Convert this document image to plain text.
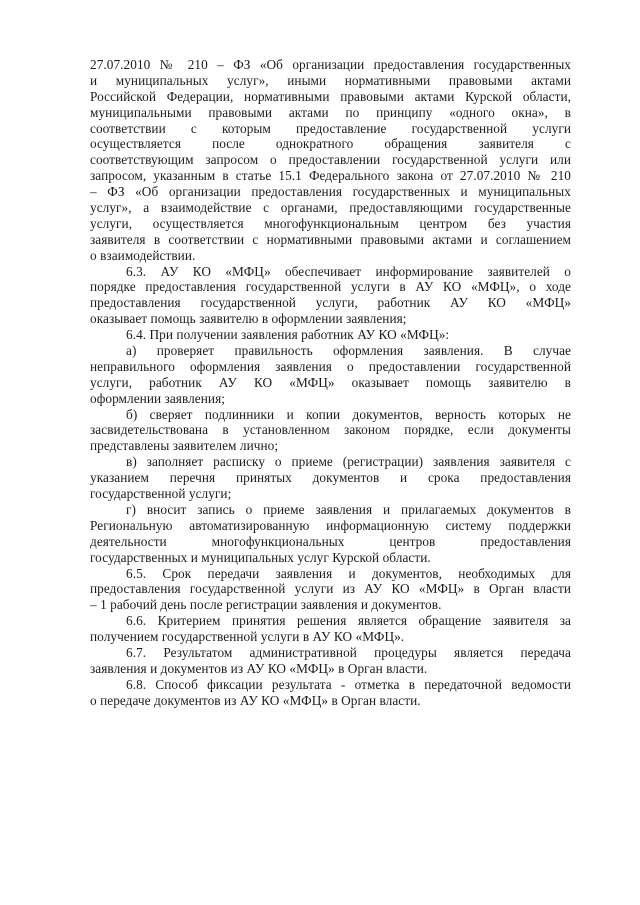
27.07.2010 № 210 – ФЗ «Об организации предоставления государственных
и муниципальных услуг», иными нормативными правовыми актами
Российской Федерации, нормативными правовыми актами Курской области,
муниципальными правовыми актами по принципу «одного окна», в
соответствии с которым предоставление государственной услуги
осуществляется после однократного обращения заявителя с
соответствующим запросом о предоставлении государственной услуги или
запросом, указанным в статье 15.1 Федерального закона от 27.07.2010 № 210
– ФЗ «Об организации предоставления государственных и муниципальных
услуг», а взаимодействие с органами, предоставляющими государственные
услуги, осуществляется многофункциональным центром без участия
заявителя в соответствии с нормативными правовыми актами и соглашением
о взаимодействии.
6.3. АУ КО «МФЦ» обеспечивает информирование заявителей о
порядке предоставления государственной услуги в АУ КО «МФЦ», о ходе
предоставления государственной услуги, работник АУ КО «МФЦ»
оказывает помощь заявителю в оформлении заявления;
6.4. При получении заявления работник АУ КО «МФЦ»:
а) проверяет правильность оформления заявления. В случае
неправильного оформления заявления о предоставлении государственной
услуги, работник АУ КО «МФЦ» оказывает помощь заявителю в
оформлении заявления;
б) сверяет подлинники и копии документов, верность которых не
засвидетельствована в установленном законом порядке, если документы
представлены заявителем лично;
в) заполняет расписку о приеме (регистрации) заявления заявителя с
указанием перечня принятых документов и срока предоставления
государственной услуги;
г) вносит запись о приеме заявления и прилагаемых документов в
Региональную автоматизированную информационную систему поддержки
деятельности многофункциональных центров предоставления
государственных и муниципальных услуг Курской области.
6.5. Срок передачи заявления и документов, необходимых для
предоставления государственной услуги из АУ КО «МФЦ» в Орган власти
– 1 рабочий день после регистрации заявления и документов.
6.6. Критерием принятия решения является обращение заявителя за
получением государственной услуги в АУ КО «МФЦ».
6.7. Результатом административной процедуры является передача
заявления и документов из АУ КО «МФЦ» в Орган власти.
6.8. Способ фиксации результата - отметка в передаточной ведомости
о передаче документов из АУ КО «МФЦ» в Орган власти.
